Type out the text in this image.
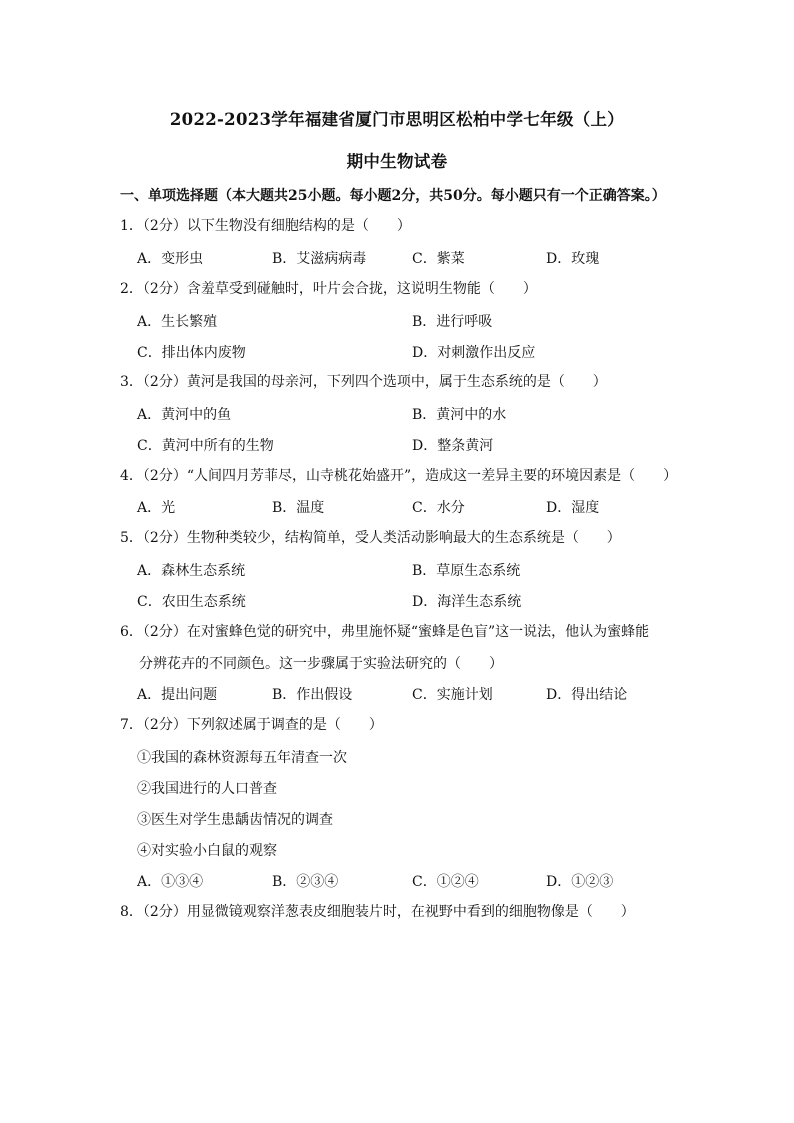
2022-2023学年福建省厦门市思明区松柏中学七年级（上）
期中生物试卷
一、单项选择题（本大题共25小题。每小题2分，共50分。每小题只有一个正确答案。）
1．（2分）以下生物没有细胞结构的是（　　）
A．变形虫	B．艾滋病病毒	C．紫菜	D．玫瑰
2．（2分）含羞草受到碰触时，叶片会合拢，这说明生物能（　　）
A．生长繁殖	B．进行呼吸
C．排出体内废物	D．对刺激作出反应
3．（2分）黄河是我国的母亲河，下列四个选项中，属于生态系统的是（　　）
A．黄河中的鱼	B．黄河中的水
C．黄河中所有的生物	D．整条黄河
4．（2分）“人间四月芳菲尽，山寺桃花始盛开”，造成这一差异主要的环境因素是（　　）
A．光	B．温度	C．水分	D．湿度
5．（2分）生物种类较少，结构简单，受人类活动影响最大的生态系统是（　　）
A．森林生态系统	B．草原生态系统
C．农田生态系统	D．海洋生态系统
6．（2分）在对蜜蜂色觉的研究中，弗里施怀疑“蜜蜂是色盲”这一说法，他认为蜜蜂能
分辨花卉的不同颜色。这一步骤属于实验法研究的（　　）
A．提出问题	B．作出假设	C．实施计划	D．得出结论
7．（2分）下列叙述属于调查的是（　　）
①我国的森林资源每五年清查一次
②我国进行的人口普查
③医生对学生患龋齿情况的调查
④对实验小白鼠的观察
A．①③④	B．②③④	C．①②④	D．①②③
8．（2分）用显微镜观察洋葱表皮细胞装片时，在视野中看到的细胞物像是（　　）
